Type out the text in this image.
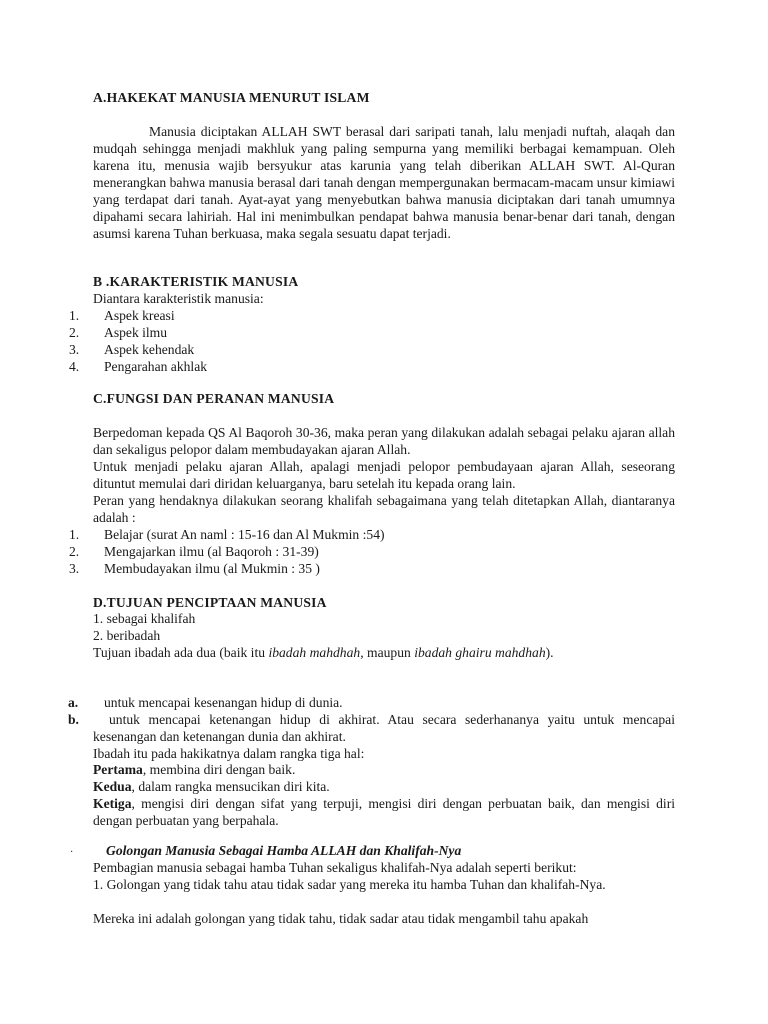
A.HAKEKAT MANUSIA MENURUT ISLAM
Manusia diciptakan ALLAH SWT berasal dari saripati tanah, lalu menjadi nuftah, alaqah dan mudqah sehingga menjadi makhluk yang paling sempurna yang memiliki berbagai kemampuan. Oleh karena itu, menusia wajib bersyukur atas karunia yang telah diberikan ALLAH SWT. Al-Quran menerangkan bahwa manusia berasal dari tanah dengan mempergunakan bermacam-macam unsur kimiawi yang terdapat dari tanah. Ayat-ayat yang menyebutkan bahwa manusia diciptakan dari tanah umumnya dipahami secara lahiriah. Hal ini menimbulkan pendapat bahwa manusia benar-benar dari tanah, dengan asumsi karena Tuhan berkuasa, maka segala sesuatu dapat terjadi.
B .KARAKTERISTIK MANUSIA
Diantara karakteristik manusia:
1. Aspek kreasi
2. Aspek ilmu
3. Aspek kehendak
4. Pengarahan akhlak
C.FUNGSI DAN PERANAN MANUSIA
Berpedoman kepada QS Al Baqoroh 30-36, maka peran yang dilakukan adalah sebagai pelaku ajaran allah dan sekaligus pelopor dalam membudayakan ajaran Allah.
Untuk menjadi pelaku ajaran Allah, apalagi menjadi pelopor pembudayaan ajaran Allah, seseorang dituntut memulai dari diridan keluarganya, baru setelah itu kepada orang lain.
Peran yang hendaknya dilakukan seorang khalifah sebagaimana yang telah ditetapkan Allah, diantaranya adalah :
1. Belajar (surat An naml : 15-16 dan Al Mukmin :54)
2. Mengajarkan ilmu (al Baqoroh : 31-39)
3. Membudayakan ilmu (al Mukmin : 35 )
D.TUJUAN PENCIPTAAN MANUSIA
1. sebagai khalifah
2. beribadah
Tujuan ibadah ada dua (baik itu ibadah mahdhah, maupun ibadah ghairu mahdhah).
a. untuk mencapai kesenangan hidup di dunia.
b.	untuk mencapai ketenangan hidup di akhirat. Atau secara sederhananya yaitu untuk mencapai kesenangan dan ketenangan dunia dan akhirat.
Ibadah itu pada hakikatnya dalam rangka tiga hal:
Pertama, membina diri dengan baik.
Kedua, dalam rangka mensucikan diri kita.
Ketiga, mengisi diri dengan sifat yang terpuji, mengisi diri dengan perbuatan baik, dan mengisi diri dengan perbuatan yang berpahala.
· Golongan Manusia Sebagai Hamba ALLAH dan Khalifah-Nya
Pembagian manusia sebagai hamba Tuhan sekaligus khalifah-Nya adalah seperti berikut:
1. Golongan yang tidak tahu atau tidak sadar yang mereka itu hamba Tuhan dan khalifah-Nya.
Mereka ini adalah golongan yang tidak tahu, tidak sadar atau tidak mengambil tahu apakah
